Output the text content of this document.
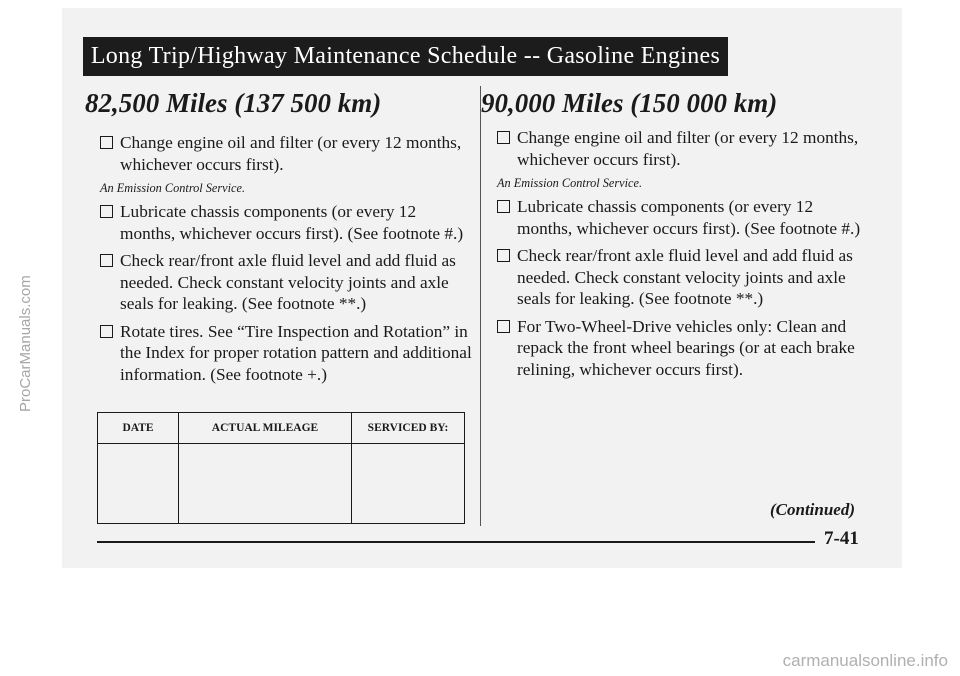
Long Trip/Highway Maintenance Schedule -- Gasoline Engines
82,500 Miles (137 500 km)
Change engine oil and filter (or every 12 months, whichever occurs first).
An Emission Control Service.
Lubricate chassis components (or every 12 months, whichever occurs first). (See footnote #.)
Check rear/front axle fluid level and add fluid as needed. Check constant velocity joints and axle seals for leaking. (See footnote **.)
Rotate tires. See “Tire Inspection and Rotation” in the Index for proper rotation pattern and additional information. (See footnote +.)
DATE	ACTUAL MILEAGE	SERVICED BY:

90,000 Miles (150 000 km)
Change engine oil and filter (or every 12 months, whichever occurs first).
An Emission Control Service.
Lubricate chassis components (or every 12 months, whichever occurs first). (See footnote #.)
Check rear/front axle fluid level and add fluid as needed. Check constant velocity joints and axle seals for leaking. (See footnote **.)
For Two-Wheel-Drive vehicles only: Clean and repack the front wheel bearings (or at each brake relining, whichever occurs first).
(Continued)
7-41
ProCarManuals.com
carmanualsonline.info
